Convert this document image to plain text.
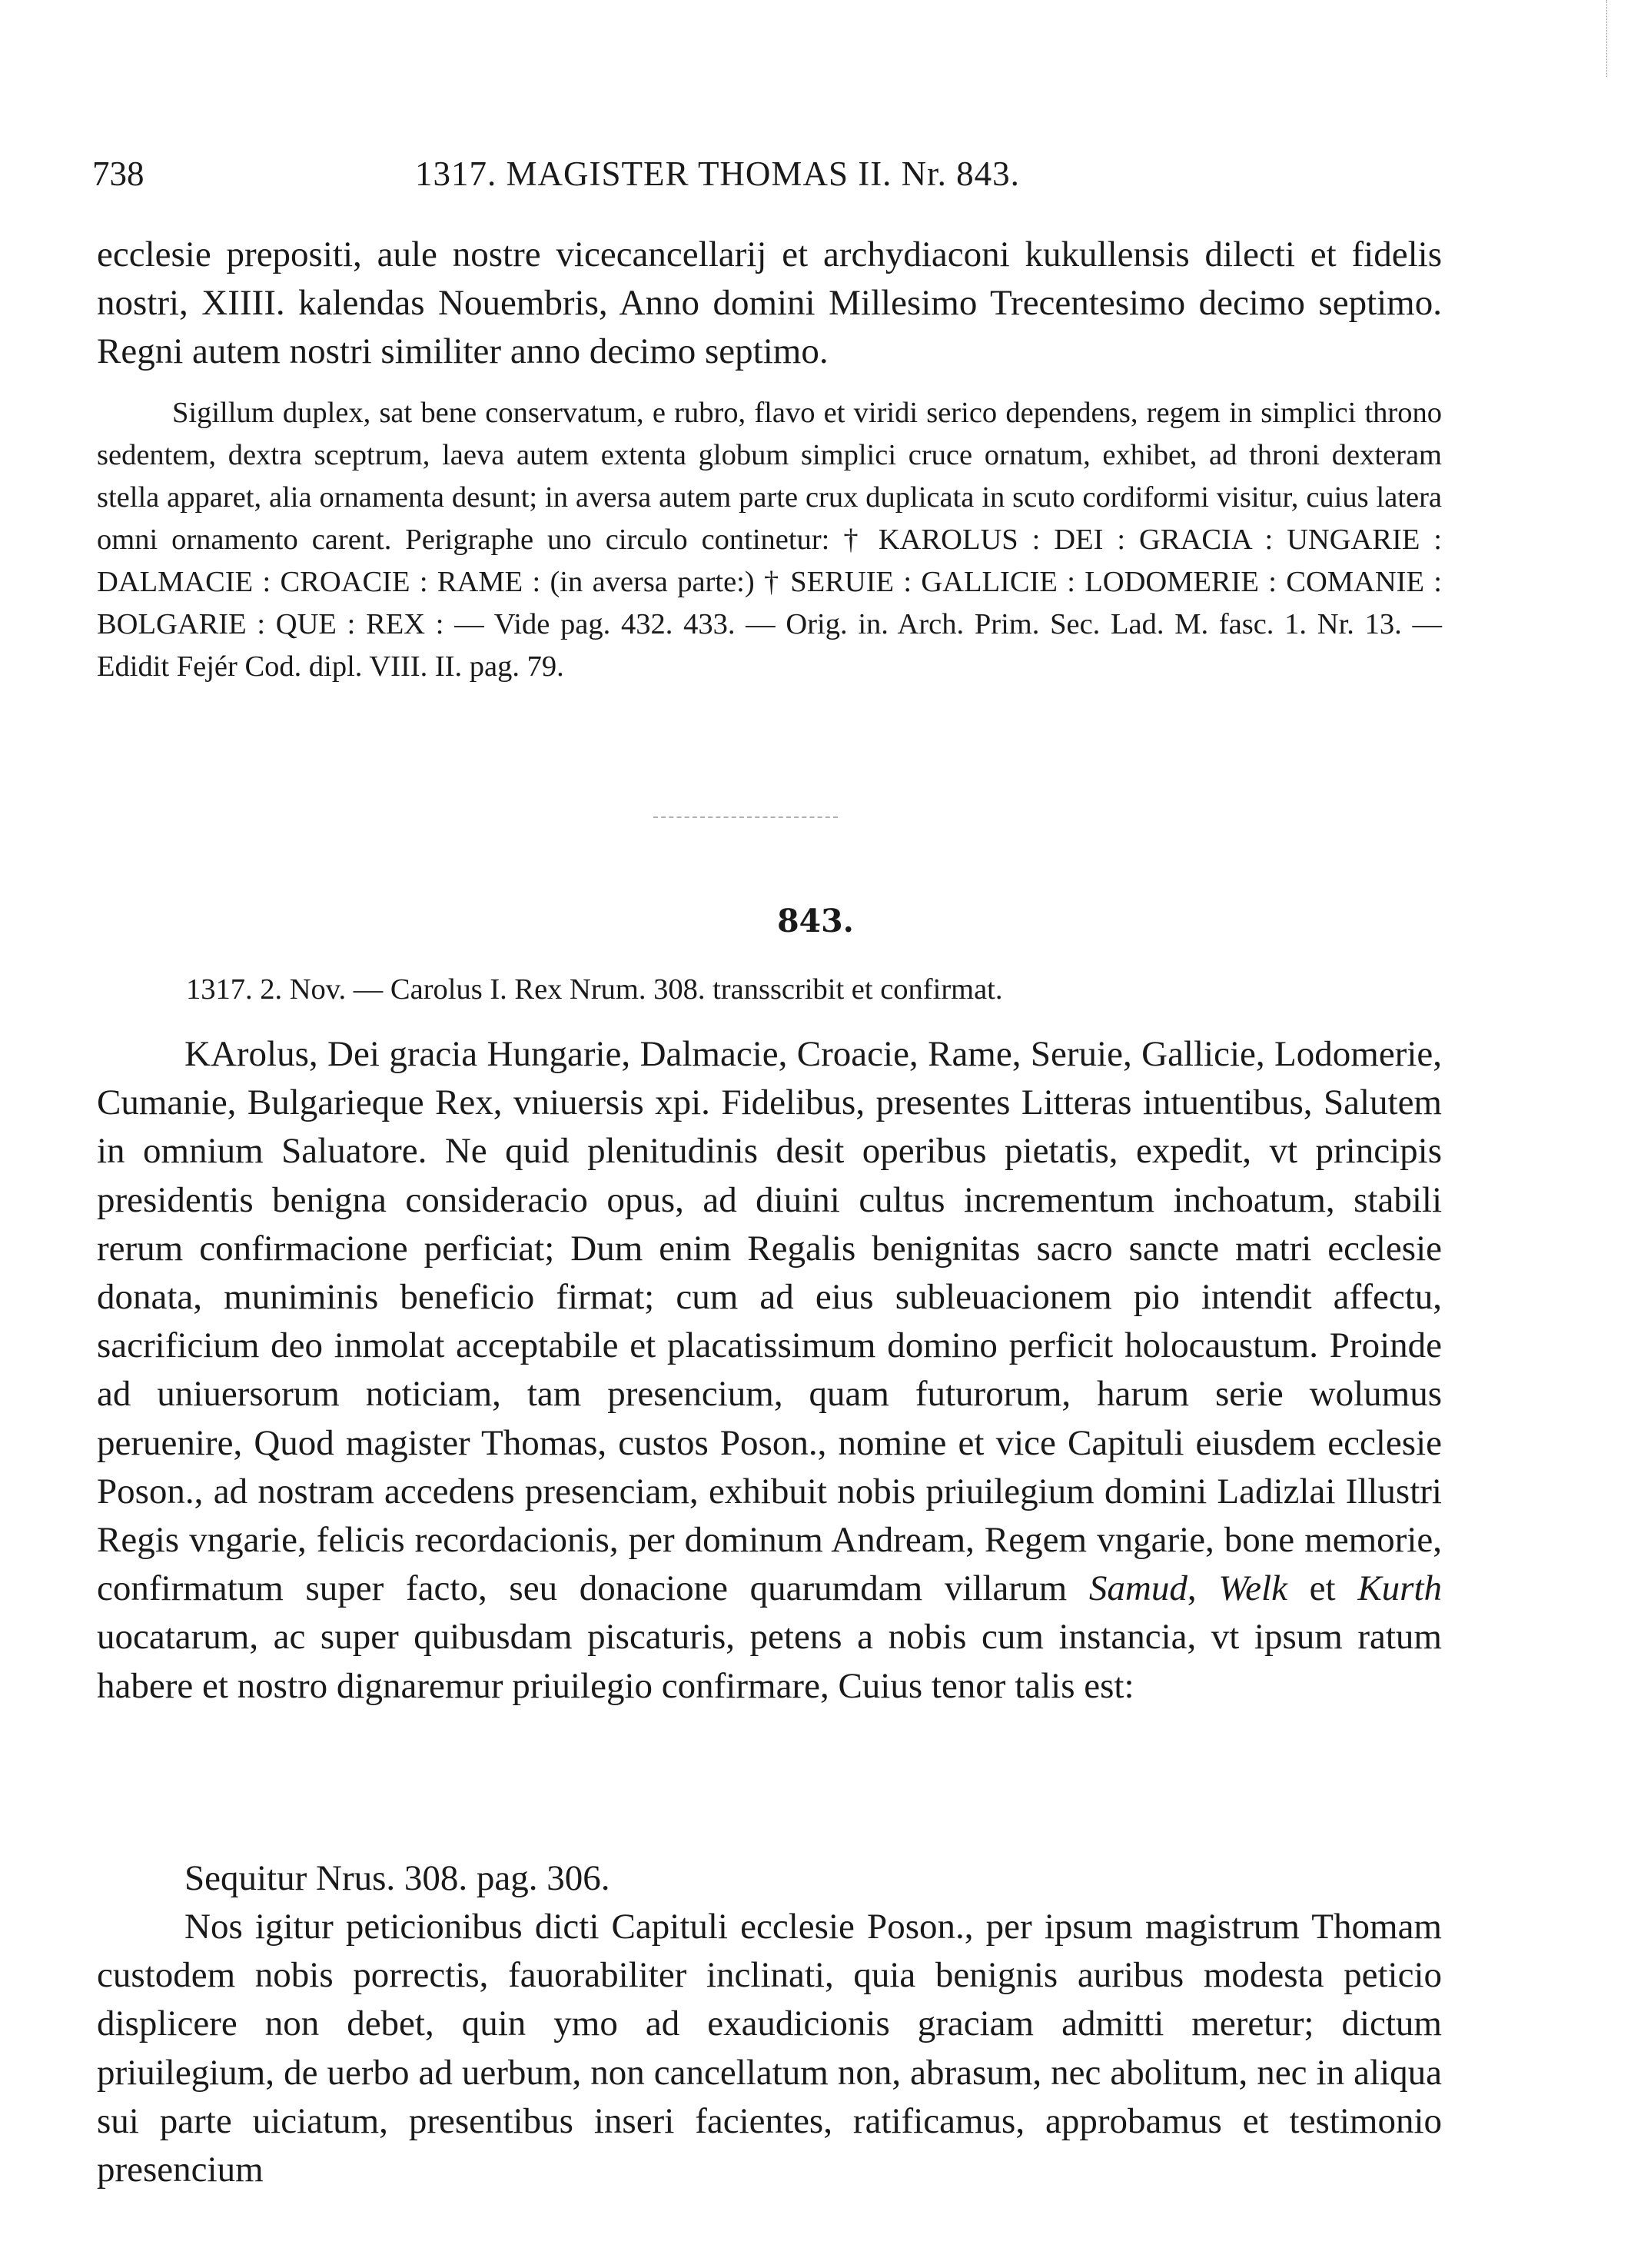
738	1317. MAGISTER THOMAS II. Nr. 843.

ecclesie prepositi, aule nostre vicecancellarij et archydiaconi kukullensis dilecti et fidelis nostri, XIIII. kalendas Nouembris, Anno domini Millesimo Trecentesimo decimo septimo. Regni autem nostri similiter anno decimo septimo.

Sigillum duplex, sat bene conservatum, e rubro, flavo et viridi serico dependens, regem in simplici throno sedentem, dextra sceptrum, laeva autem extenta globum simplici cruce ornatum, exhibet, ad throni dexteram stella apparet, alia ornamenta desunt; in aversa autem parte crux duplicata in scuto cordiformi visitur, cuius latera omni ornamento carent. Perigraphe uno circulo continetur: † KAROLUS : DEI : GRACIA : UNGARIE : DALMACIE : CROACIE : RAME : (in aversa parte:) † SERUIE : GALLICIE : LODOMERIE : COMANIE : BOLGARIE : QUE : REX : — Vide pag. 432. 433. — Orig. in. Arch. Prim. Sec. Lad. M. fasc. 1. Nr. 13. — Edidit Fejér Cod. dipl. VIII. II. pag. 79.

843.
1317. 2. Nov. — Carolus I. Rex Nrum. 308. transscribit et confirmat.

KArolus, Dei gracia Hungarie, Dalmacie, Croacie, Rame, Seruie, Gallicie, Lodomerie, Cumanie, Bulgarieque Rex, vniuersis xpi. Fidelibus, presentes Litteras intuentibus, Salutem in omnium Saluatore. Ne quid plenitudinis desit operibus pietatis, expedit, vt principis presidentis benigna consideracio opus, ad diuini cultus incrementum inchoatum, stabili rerum confirmacione perficiat; Dum enim Regalis benignitas sacro sancte matri ecclesie donata, muniminis beneficio firmat; cum ad eius subleuacionem pio intendit affectu, sacrificium deo inmolat acceptabile et placatissimum domino perficit holocaustum. Proinde ad uniuersorum noticiam, tam presencium, quam futurorum, harum serie wolumus peruenire, Quod magister Thomas, custos Poson., nomine et vice Capituli eiusdem ecclesie Poson., ad nostram accedens presenciam, exhibuit nobis priuilegium domini Ladizlai Illustri Regis vngarie, felicis recordacionis, per dominum Andream, Regem vngarie, bone memorie, confirmatum super facto, seu donacione quarumdam villarum Samud, Welk et Kurth uocatarum, ac super quibusdam piscaturis, petens a nobis cum instancia, vt ipsum ratum habere et nostro dignaremur priuilegio confirmare, Cuius tenor talis est:

Sequitur Nrus. 308. pag. 306.

Nos igitur peticionibus dicti Capituli ecclesie Poson., per ipsum magistrum Thomam custodem nobis porrectis, fauorabiliter inclinati, quia benignis auribus modesta peticio displicere non debet, quin ymo ad exaudicionis graciam admitti meretur; dictum priuilegium, de uerbo ad uerbum, non cancellatum non, abrasum, nec abolitum, nec in aliqua sui parte uiciatum, presentibus inseri facientes, ratificamus, approbamus et testimonio presencium
